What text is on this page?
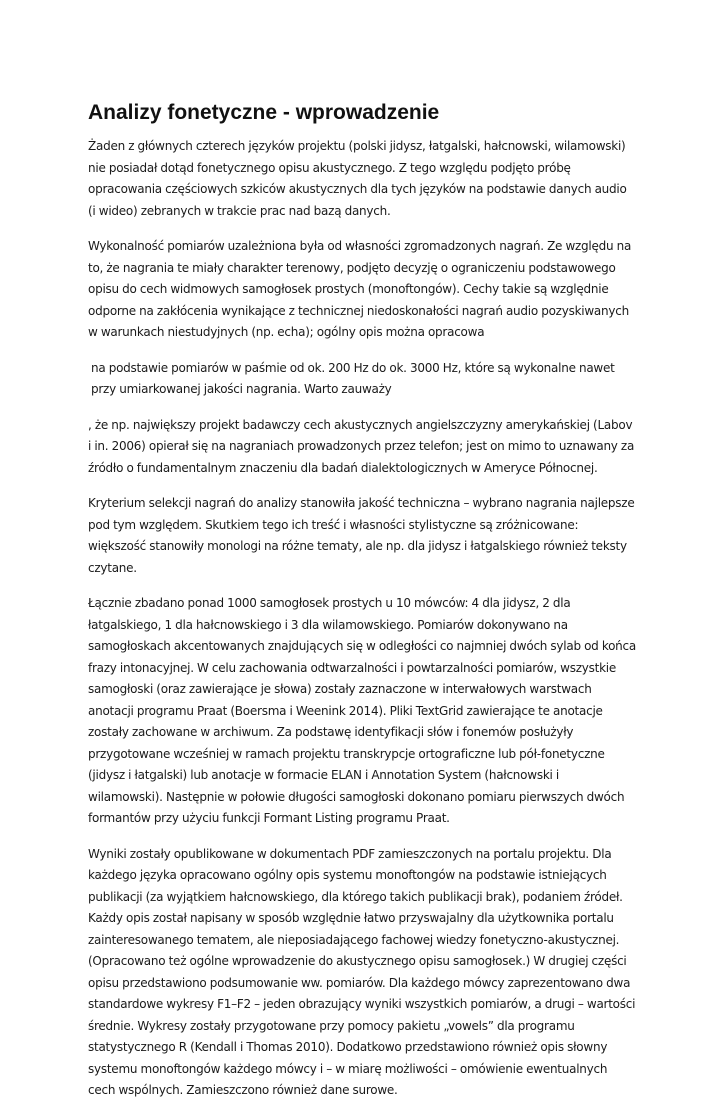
Analizy fonetyczne - wprowadzenie

Żaden z głównych czterech języków projektu (polski jidysz, łatgalski, hałcnowski, wilamowski) nie posiadał dotąd fonetycznego opisu akustycznego. Z tego względu podjęto próbę opracowania częściowych szkiców akustycznych dla tych języków na podstawie danych audio (i wideo) zebranych w trakcie prac nad bazą danych.

Wykonalność pomiarów uzależniona była od własności zgromadzonych nagrań. Ze względu na to, że nagrania te miały charakter terenowy, podjęto decyzję o ograniczeniu podstawowego opisu do cech widmowych samogłosek prostych (monoftongów). Cechy takie są względnie odporne na zakłócenia wynikające z technicznej niedoskonałości nagrań audio pozyskiwanych w warunkach niestudyjnych (np. echa); ogólny opis można opracowa

na podstawie pomiarów w paśmie od ok. 200 Hz do ok. 3000 Hz, które są wykonalne nawet przy umiarkowanej jakości nagrania. Warto zauważy

, że np. największy projekt badawczy cech akustycznych angielszczyzny amerykańskiej (Labov i in. 2006) opierał się na nagraniach prowadzonych przez telefon; jest on mimo to uznawany za źródło o fundamentalnym znaczeniu dla badań dialektologicznych w Ameryce Północnej.

Kryterium selekcji nagrań do analizy stanowiła jakość techniczna – wybrano nagrania najlepsze pod tym względem. Skutkiem tego ich treść i własności stylistyczne są zróżnicowane: większość stanowiły monologi na różne tematy, ale np. dla jidysz i łatgalskiego również teksty czytane.

Łącznie zbadano ponad 1000 samogłosek prostych u 10 mówców: 4 dla jidysz, 2 dla łatgalskiego, 1 dla hałcnowskiego i 3 dla wilamowskiego. Pomiarów dokonywano na samogłoskach akcentowanych znajdujących się w odległości co najmniej dwóch sylab od końca frazy intonacyjnej. W celu zachowania odtwarzalności i powtarzalności pomiarów, wszystkie samogłoski (oraz zawierające je słowa) zostały zaznaczone w interwałowych warstwach anotacji programu Praat (Boersma i Weenink 2014). Pliki TextGrid zawierające te anotacje zostały zachowane w archiwum. Za podstawę identyfikacji słów i fonemów posłużyły przygotowane wcześniej w ramach projektu transkrypcje ortograficzne lub pół-fonetyczne (jidysz i łatgalski) lub anotacje w formacie ELAN i Annotation System (hałcnowski i wilamowski). Następnie w połowie długości samogłoski dokonano pomiaru pierwszych dwóch formantów przy użyciu funkcji Formant Listing programu Praat.

Wyniki zostały opublikowane w dokumentach PDF zamieszczonych na portalu projektu. Dla każdego języka opracowano ogólny opis systemu monoftongów na podstawie istniejących publikacji (za wyjątkiem hałcnowskiego, dla którego takich publikacji brak), podaniem źródeł. Każdy opis został napisany w sposób względnie łatwo przyswajalny dla użytkownika portalu zainteresowanego tematem, ale nieposiadającego fachowej wiedzy fonetyczno-akustycznej. (Opracowano też ogólne wprowadzenie do akustycznego opisu samogłosek.) W drugiej części opisu przedstawiono podsumowanie ww. pomiarów. Dla każdego mówcy zaprezentowano dwa standardowe wykresy F1–F2 – jeden obrazujący wyniki wszystkich pomiarów, a drugi – wartości średnie. Wykresy zostały przygotowane przy pomocy pakietu „vowels” dla programu statystycznego R (Kendall i Thomas 2010). Dodatkowo przedstawiono również opis słowny systemu monoftongów każdego mówcy i – w miarę możliwości – omówienie ewentualnych cech wspólnych. Zamieszczono również dane surowe.
